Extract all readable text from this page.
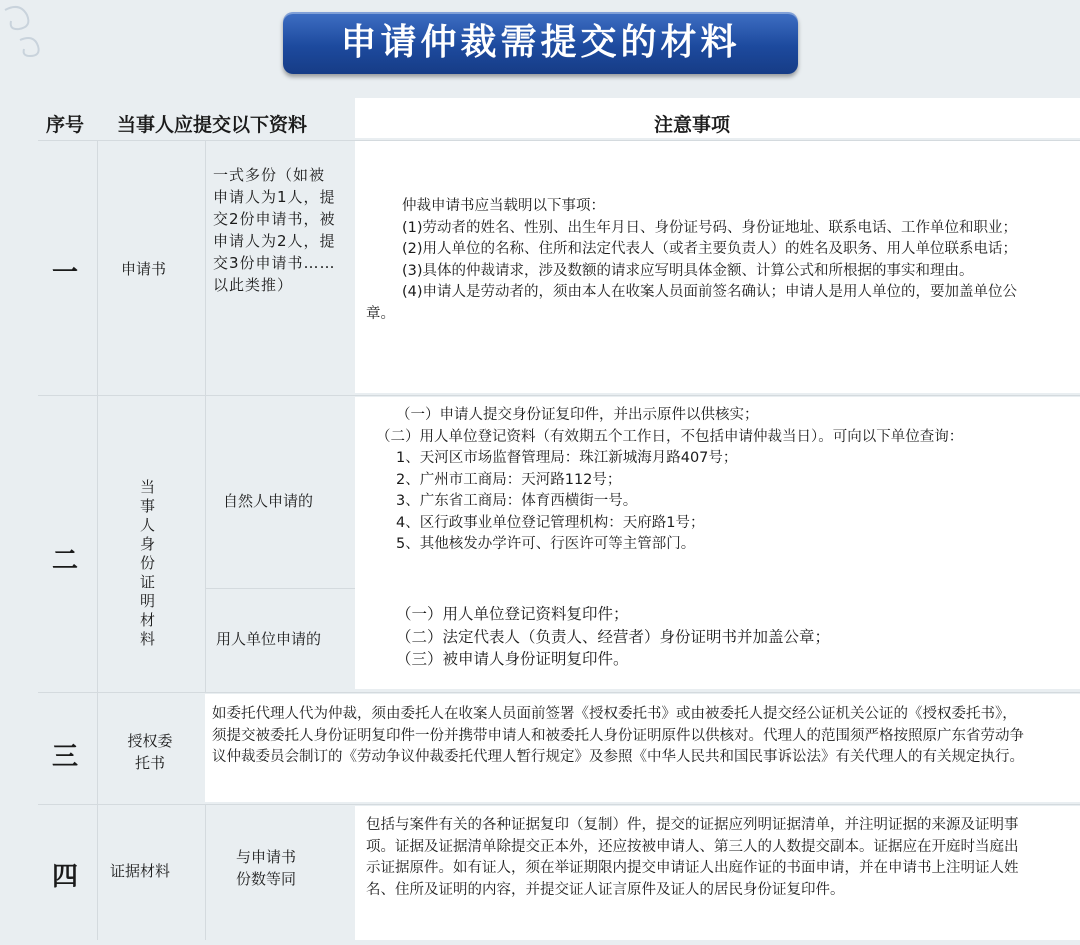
申请仲裁需提交的材料
序号 当事人应提交以下资料	注意事项
一	申请书
一式多份（如被申请人为1人，提交2份申请书，被申请人为2人，提交3份申请书……以此类推）

仲裁申请书应当载明以下事项：

(1)劳动者的姓名、性别、出生年月日、身份证号码、身份证地址、联系电话、工作单位和职业；

(2)用人单位的名称、住所和法定代表人（或者主要负责人）的姓名及职务、用人单位联系电话；

(3)具体的仲裁请求，涉及数额的请求应写明具体金额、计算公式和所根据的事实和理由。

(4)申请人是劳动者的，须由本人在收案人员面前签名确认；申请人是用人单位的，要加盖单位公章。

二
当事人身份证明材料
自然人申请的

（一）申请人提交身份证复印件，并出示原件以供核实；

（二）用人单位登记资料（有效期五个工作日，不包括申请仲裁当日）。可向以下单位查询：

1、天河区市场监督管理局：珠江新城海月路407号；

2、广州市工商局：天河路112号；

3、广东省工商局：体育西横街一号。

4、区行政事业单位登记管理机构：天府路1号；

5、其他核发办学许可、行医许可等主管部门。

用人单位申请的

（一）用人单位登记资料复印件；

（二）法定代表人（负责人、经营者）身份证明书并加盖公章；

（三）被申请人身份证明复印件。

三
授权委托书

如委托代理人代为仲裁，须由委托人在收案人员面前签署《授权委托书》或由被委托人提交经公证机关公证的《授权委托书》，须提交被委托人身份证明复印件一份并携带申请人和被委托人身份证明原件以供核对。代理人的范围须严格按照原广东省劳动争议仲裁委员会制订的《劳动争议仲裁委托代理人暂行规定》及参照《中华人民共和国民事诉讼法》有关代理人的有关规定执行。

四 证据材料
与申请书份数等同

包括与案件有关的各种证据复印（复制）件，提交的证据应列明证据清单，并注明证据的来源及证明事项。证据及证据清单除提交正本外，还应按被申请人、第三人的人数提交副本。证据应在开庭时当庭出示证据原件。如有证人，须在举证期限内提交申请证人出庭作证的书面申请，并在申请书上注明证人姓名、住所及证明的内容，并提交证人证言原件及证人的居民身份证复印件。
